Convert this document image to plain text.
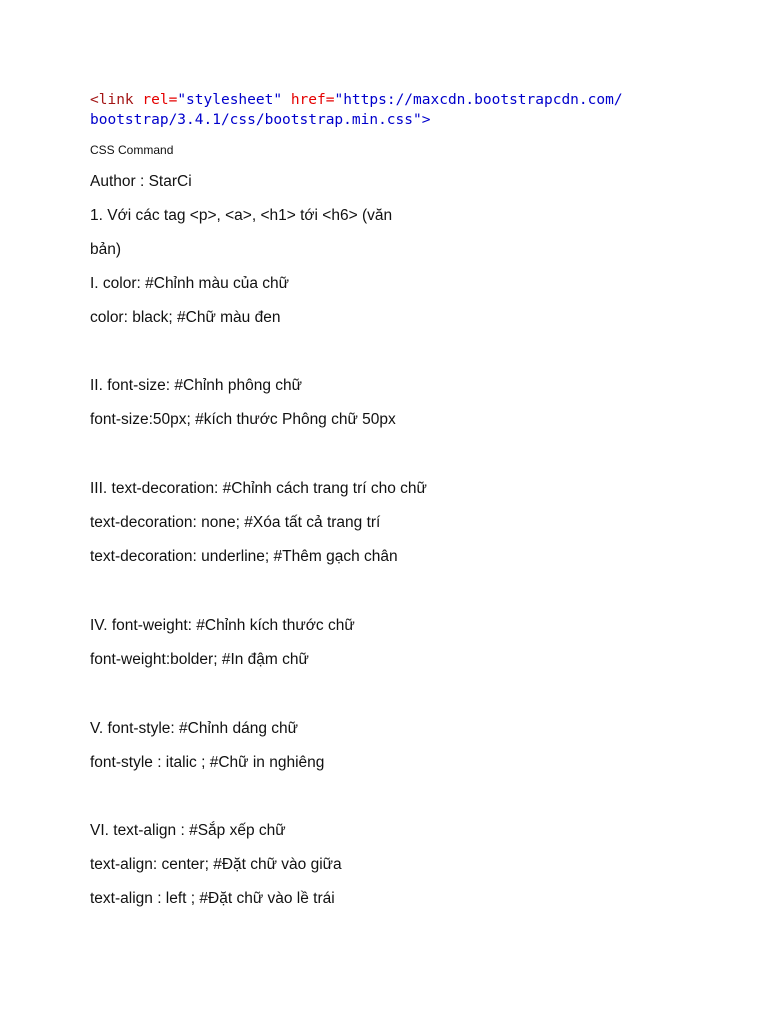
<link rel="stylesheet" href="https://maxcdn.bootstrapcdn.com/
bootstrap/3.4.1/css/bootstrap.min.css">
CSS Command
Author : StarCi
1. Với các tag <p>, <a>, <h1> tới <h6> (văn
bản)
I. color: #Chỉnh màu của chữ
color: black; #Chữ màu đen
II. font-size: #Chỉnh phông chữ
font-size:50px; #kích thước Phông chữ 50px
III. text-decoration: #Chỉnh cách trang trí cho chữ
text-decoration: none; #Xóa tất cả trang trí
text-decoration: underline; #Thêm gạch chân
IV. font-weight: #Chỉnh kích thước chữ
font-weight:bolder; #In đậm chữ
V. font-style: #Chỉnh dáng chữ
font-style : italic ; #Chữ in nghiêng
VI. text-align : #Sắp xếp chữ
text-align: center; #Đặt chữ vào giữa
text-align : left ; #Đặt chữ vào lề trái
